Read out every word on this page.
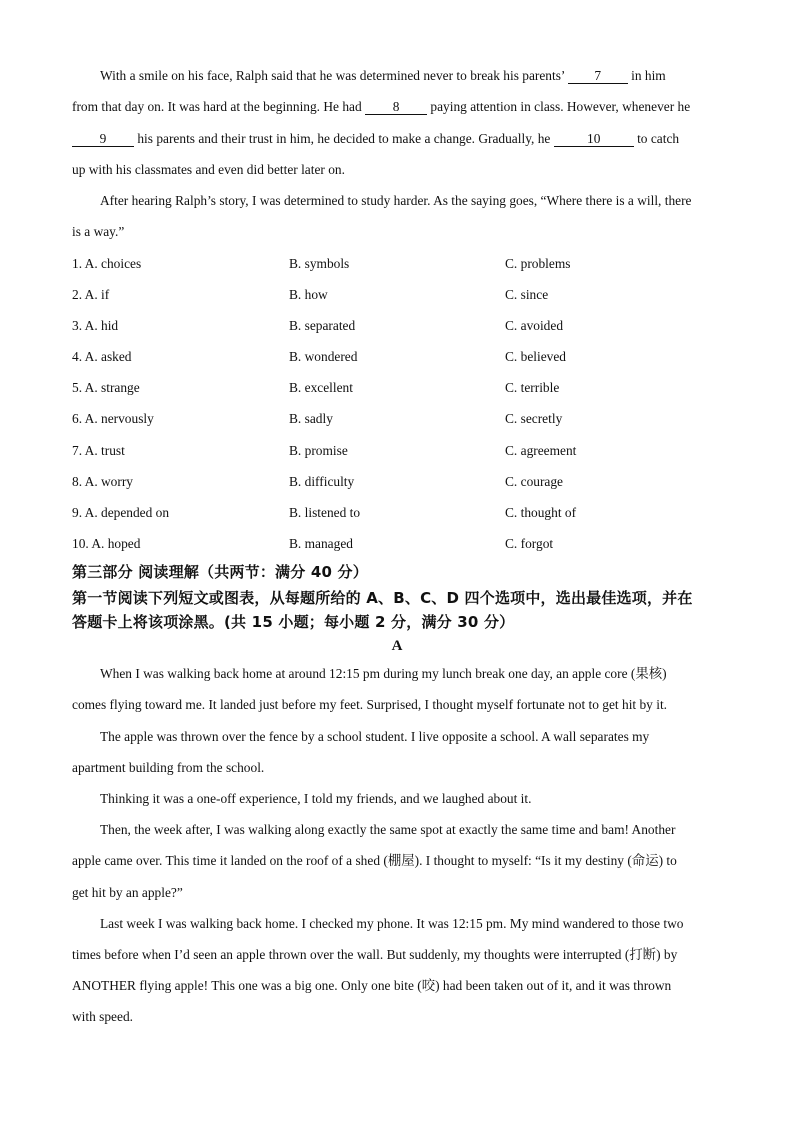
With a smile on his face, Ralph said that he was determined never to break his parents’ 7 in him
from that day on. It was hard at the beginning. He had 8 paying attention in class. However, whenever he
9 his parents and their trust in him, he decided to make a change. Gradually, he	10	to catch
up with his classmates and even did better later on.
After hearing Ralph’s story, I was determined to study harder. As the saying goes, “Where there is a will, there
is a way.”
1. A. choices	B. symbols	C. problems
2. A. if	B. how	C. since
3. A. hid	B. separated	C. avoided
4. A. asked	B. wondered	C. believed
5. A. strange	B. excellent	C. terrible
6. A. nervously	B. sadly	C. secretly
7. A. trust	B. promise	C. agreement
8. A. worry	B. difficulty	C. courage
9. A. depended on	B. listened to	C. thought of
10. A. hoped	B. managed	C. forgot
第三部分 阅读理解（共两节：满分 40 分）
第一节阅读下列短文或图表，从每题所给的 A、B、C、D 四个选项中，选出最佳选项，并在
答题卡上将该项涂黑。(共 15 小题；每小题 2 分，满分 30 分）
A
When I was walking back home at around 12:15 pm during my lunch break one day, an apple core (果核)
comes flying toward me. It landed just before my feet. Surprised, I thought myself fortunate not to get hit by it.
The apple was thrown over the fence by a school student. I live opposite a school. A wall separates my
apartment building from the school.
Thinking it was a one-off experience, I told my friends, and we laughed about it.
Then, the week after, I was walking along exactly the same spot at exactly the same time and bam! Another
apple came over. This time it landed on the roof of a shed (棚屋). I thought to myself: “Is it my destiny (命运) to
get hit by an apple?”
Last week I was walking back home. I checked my phone. It was 12:15 pm. My mind wandered to those two
times before when I’d seen an apple thrown over the wall. But suddenly, my thoughts were interrupted (打断) by
ANOTHER flying apple! This one was a big one. Only one bite (咬) had been taken out of it, and it was thrown
with speed.
